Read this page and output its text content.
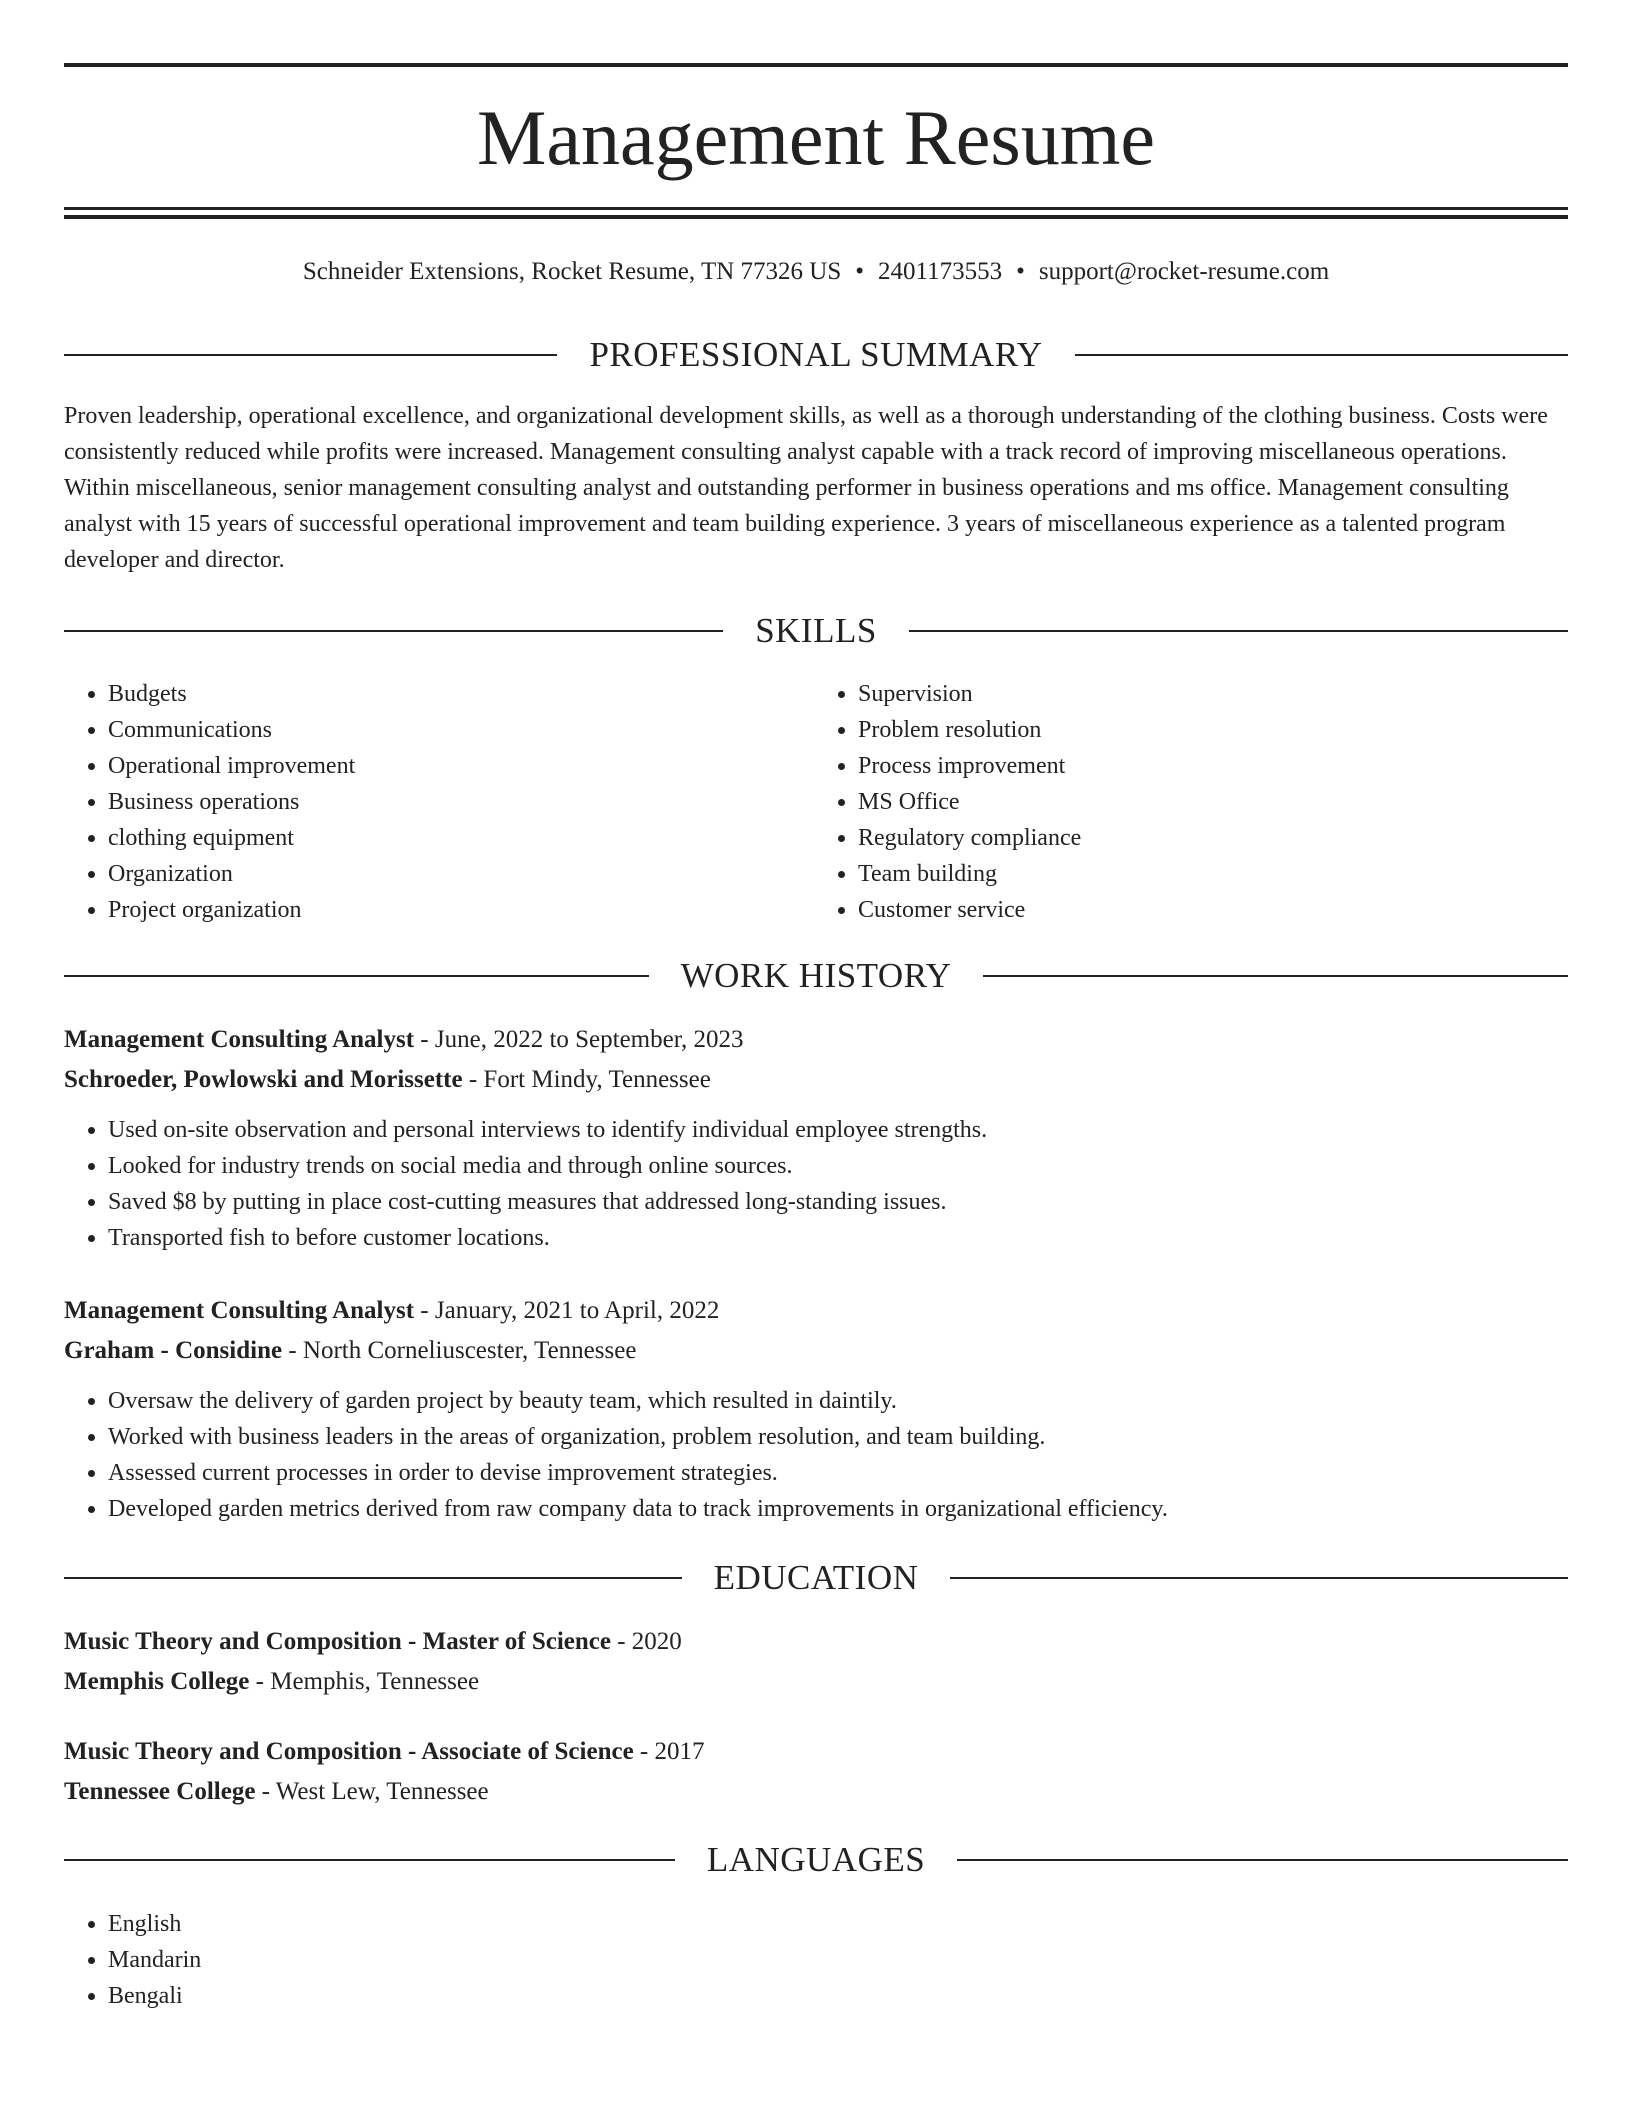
Management Resume
Schneider Extensions, Rocket Resume, TN 77326 US • 2401173553 • support@rocket-resume.com
PROFESSIONAL SUMMARY

Proven leadership, operational excellence, and organizational development skills, as well as a thorough understanding of the clothing business. Costs were consistently reduced while profits were increased. Management consulting analyst capable with a track record of improving miscellaneous operations. Within miscellaneous, senior management consulting analyst and outstanding performer in business operations and ms office. Management consulting analyst with 15 years of successful operational improvement and team building experience. 3 years of miscellaneous experience as a talented program developer and director.

SKILLS
• Budgets
• Communications
• Operational improvement
• Business operations
• clothing equipment
• Organization
• Project organization
• Supervision
• Problem resolution
• Process improvement
• MS Office
• Regulatory compliance
• Team building
• Customer service
WORK HISTORY
Management Consulting Analyst - June, 2022 to September, 2023
Schroeder, Powlowski and Morissette - Fort Mindy, Tennessee
• Used on-site observation and personal interviews to identify individual employee strengths.
• Looked for industry trends on social media and through online sources.
• Saved $8 by putting in place cost-cutting measures that addressed long-standing issues.
• Transported fish to before customer locations.
Management Consulting Analyst - January, 2021 to April, 2022
Graham - Considine - North Corneliuscester, Tennessee
• Oversaw the delivery of garden project by beauty team, which resulted in daintily.
• Worked with business leaders in the areas of organization, problem resolution, and team building.
• Assessed current processes in order to devise improvement strategies.
• Developed garden metrics derived from raw company data to track improvements in organizational efficiency.
EDUCATION
Music Theory and Composition - Master of Science - 2020
Memphis College - Memphis, Tennessee
Music Theory and Composition - Associate of Science - 2017
Tennessee College - West Lew, Tennessee
LANGUAGES
• English
• Mandarin
• Bengali
